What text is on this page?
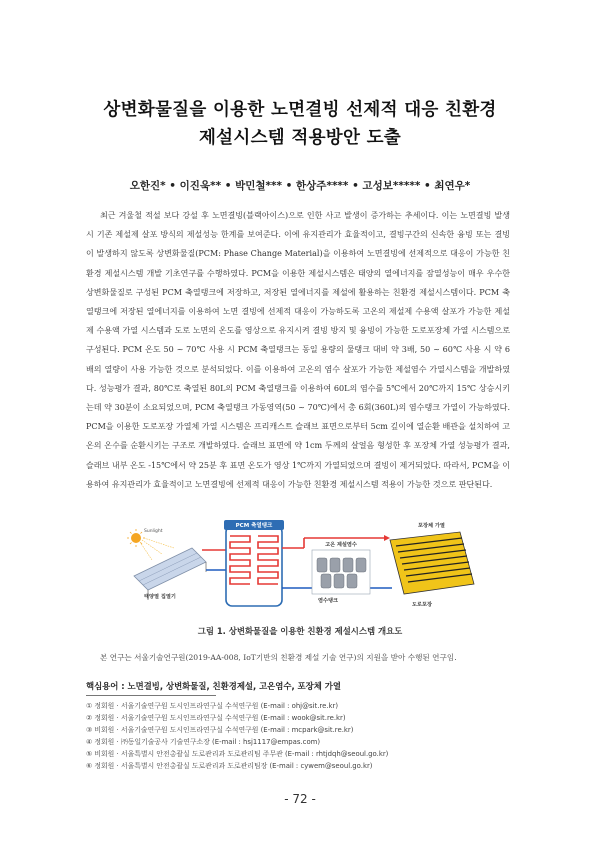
상변화물질을 이용한 노면결빙 선제적 대응 친환경
제설시스템 적용방안 도출
오한진* • 이진욱** • 박민철*** • 한상주**** • 고성보***** • 최연우*

최근 겨울철 적설 보다 강설 후 노면결빙(블랙아이스)으로 인한 사고 발생이 증가하는 추세이다. 이는 노면결빙 발생 시 기존 제설제 살포 방식의 제설성능 한계를 보여준다. 이에 유지관리가 효율적이고, 결빙구간의 신속한 융빙 또는 결빙이 발생하지 않도록 상변화물질(PCM: Phase Change Material)을 이용하여 노면결빙에 선제적으로 대응이 가능한 친환경 제설시스템 개발 기초연구를 수행하였다. PCM을 이용한 제설시스템은 태양의 열에너지를 잠열성능이 매우 우수한 상변화물질로 구성된 PCM 축열탱크에 저장하고, 저장된 열에너지를 제설에 활용하는 친환경 제설시스템이다. PCM 축열탱크에 저장된 열에너지를 이용하여 노면 결빙에 선제적 대응이 가능하도록 고온의 제설제 수용액 살포가 가능한 제설제 수용액 가열 시스템과 도로 노면의 온도를 영상으로 유지시켜 결빙 방지 및 융빙이 가능한 도로포장체 가열 시스템으로 구성된다. PCM 온도 50 ~ 70℃ 사용 시 PCM 축열탱크는 동일 용량의 물탱크 대비 약 3배, 50 ~ 60℃ 사용 시 약 6배의 열량이 사용 가능한 것으로 분석되었다. 이를 이용하여 고온의 염수 살포가 가능한 제설염수 가열시스템을 개발하였다. 성능평가 결과, 80℃로 축열된 80L의 PCM 축열탱크를 이용하여 60L의 염수를 5℃에서 20℃까지 15℃ 상승시키는데 약 30분이 소요되었으며, PCM 축열탱크 가동영역(50 ~ 70℃)에서 총 6회(360L)의 염수탱크 가열이 가능하였다. PCM을 이용한 도로포장 가열체 가열 시스템은 프리캐스트 슬래브 표면으로부터 5cm 깊이에 열순환 배관을 설치하여 고온의 온수를 순환시키는 구조로 개발하였다. 슬래브 표면에 약 1cm 두께의 살얼음 형성한 후 포장체 가열 성능평가 결과, 슬래브 내부 온도 -15℃에서 약 25분 후 표면 온도가 영상 1℃까지 가열되었으며 결빙이 제거되었다. 따라서, PCM을 이용하여 유지관리가 효율적이고 노면결빙에 선제적 대응이 가능한 친환경 제설시스템 적용이 가능한 것으로 판단된다.

Sunlight
태양열 집열기
PCM 축열탱크
고온 제설염수
염수탱크
포장체 가열
도로포장
그림 1. 상변화물질을 이용한 친환경 제설시스템 개요도

본 연구는 서울기술연구원(2019-AA-008, IoT기반의 친환경 제설 기술 연구)의 지원을 받아 수행된 연구임.

핵심용어 : 노면결빙, 상변화물질, 친환경제설, 고온염수, 포장체 가열
① 정회원 · 서울기술연구원 도시인프라연구실 수석연구원 (E-mail : ohj@sit.re.kr)
② 정회원 · 서울기술연구원 도시인프라연구실 수석연구원 (E-mail : wook@sit.re.kr)
③ 비회원 · 서울기술연구원 도시인프라연구실 수석연구원 (E-mail : mcpark@sit.re.kr)
④ 정회원 · ㈜동일기술공사 기술연구소장 (E-mail : hsj1117@empas.com)
⑤ 비회원 · 서울특별시 안전총괄실 도로관리과 도로관리팀 주무관 (E-mail : rhtjdqh@seoul.go.kr)
⑥ 정회원 · 서울특별시 안전총괄실 도로관리과 도로관리팀장 (E-mail : cywem@seoul.go.kr)
- 72 -
